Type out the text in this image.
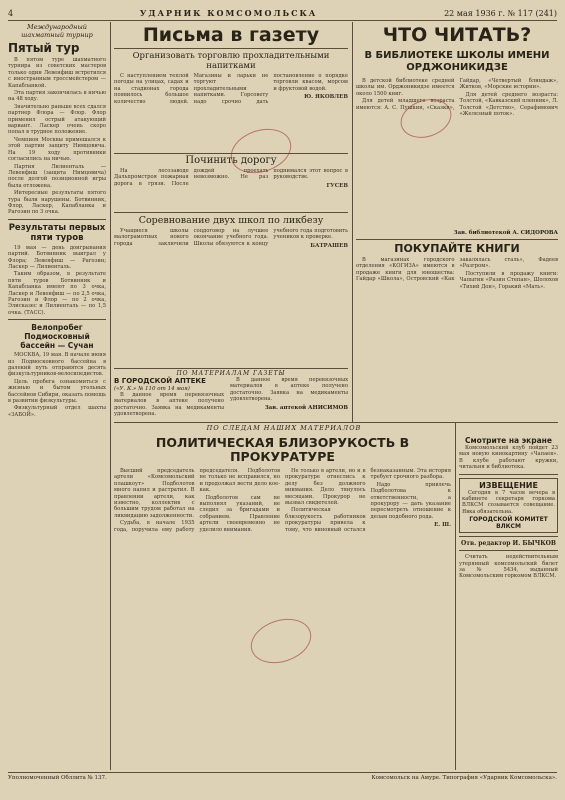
4	УДАРНИК КОМСОМОЛЬСКА	22 мая 1936 г. № 117 (241)
Международный шахматный турнир
Пятый тур

В пятом туре шахматного турнира из советских мастеров только один Левенфиш встретился с иностранным гроссмейстером — Капабланкой.

Эта партия закончилась в ничью на 48 ходу.

Значительно раньше всех сдался партнер Флора — Флор. Флор применил острый атакующий вариант. Ласкер очень скоро попал в трудное положение.

Чемпион Москвы примешался к этой партии защиту Нимцовича. На 19 ходу противники согласились на ничью.

Партия Лилиенталь — Левенфиш (защита Нимцовича) после долгой позиционной игры была отложена.

Интересные результаты пятого тура были нарушены. Ботвинник, Флор, Ласкер, Капабланка и Рагозин по 3 очка.

Результаты первых пяти туров

19 мая — день доигрывания партий. Ботвинник выиграл у Флора; Левенфиш — Рагозин; Ласкер — Лилиенталь.

Таким образом, в результате пяти туров Ботвинник и Капабланка имеют по 3 очка, Ласкер и Левенфиш — по 2,5 очка, Рагозин и Флор — по 2 очка, Элисказес и Лилиенталь — по 1,5 очка. (ТАСС).

Велопробег Подмосковный бассейн — Сучан

МОСКВА, 19 мая. В начале июня из Подмосковного бассейна в далекий путь отправятся десять физкультурников-велосипедистов.

Цель пробега ознакомиться с жизнью и бытом угольных бассейнов Сибири, оказать помощь в развитии физкультуры.

Физкультурный отдел шахты «ЗАБОЙ».

Письма в газету
Организовать торговлю прохладительными напитками

С наступлением теплой погоды на улицах, садах и на стадионах города появилось большое количество людей. Магазины и ларьки не торгуют прохладительными напитками. Горсовету надо срочно дать постановление о порядке торговли квасом, морсом и фруктовой водой.

Ю. ЯКОВЛЕВ
Починить дорогу

На лесозаводе Дальпромстроя пожарная дорога в грязи. После дождей проехать невозможно. Не раз поднимался этот вопрос в руководстве.

ГУСЕВ
Соревнование двух школ по ликбезу

Учащиеся школы малограмотных нового города заключили соцдоговор на лучшее окончание учебного года. Школы обязуются к концу учебного года подготовить учеников к проверке.

БАТРАШЕВ
ПО МАТЕРИАЛАМ ГАЗЕТЫ
В ГОРОДСКОЙ АПТЕКЕ
(«У. К.» № 110 от 14 мая)

В данное время перевязочных материалов в аптеке получено достаточно. Заявка на медикаменты удовлетворена.

В данное время перевязочных материалов в аптеке получено достаточно. Заявка на медикаменты удовлетворена.

Зав. аптекой АНИСИМОВ
ЧТО ЧИТАТЬ?
В БИБЛИОТЕКЕ ШКОЛЫ ИМЕНИ ОРДЖОНИКИДЗЕ

В детской библиотеке средней школы им. Орджоникидзе имеется около 1500 книг.

Для детей младшего возраста имеются: А. С. Пушкин, «Сказки», Гайдар, «Четвертый блиндаж», Житков, «Морские истории».

Для детей среднего возраста: Толстой, «Кавказский пленник», Л. Толстой «Детство», Серафимович «Железный поток».

Зав. библиотекой А. СИДОРОВА
ПОКУПАЙТЕ КНИГИ

В магазинах городского отделения «КОГИЗА» имеются в продаже книги для юношества: Гайдар «Школа», Островский «Как закалялась сталь», Фадеев «Разгром».

Поступили в продажу книги: Чапыгин «Разин Степан», Шолохов «Тихий Дон», Горький «Мать».

ПО СЛЕДАМ НАШИХ МАТЕРИАЛОВ
ПОЛИТИЧЕСКАЯ БЛИЗОРУКОСТЬ В ПРОКУРАТУРЕ

Высший председатель артели «Комсомольский плашкоут» Подболотов много напил и растратил. В правлении артели, как известно, коллектив с большим трудом работал на ликвидацию задолженности.

Судьба, в начале 1935 года, поручила ему работу председателя. Подболотов не только не исправился, но и продолжал вести дело кое-как.

Подболотов сам не выполнял указаний, не следил за бригадами и собранием. Правление артели своевременно не уделило внимания.

Не только в артели, но и в прокуратуре отнеслись к делу без должного внимания. Дело тянулось месяцами. Прокурор не вызвал свидетелей.

Политическая близорукость работников прокуратуры привела к тому, что виновный остался безнаказанным. Эта история требует срочного разбора.

Надо привлечь Подболотова к ответственности, а прокурору — дать указание пересмотреть отношение к делам подобного рода.

Е. Ш.
Смотрите на экране

Комсомольский клуб пойдет 23 мая новую кинокартину «Чапаев». В клубе работают кружки, читальня и библиотека.

ИЗВЕЩЕНИЕ

Сегодня в 7 часов вечера в кабинете секретаря горкома ВЛКСМ созывается совещание. Явка обязательна.

ГОРОДСКОЙ КОМИТЕТ ВЛКСМ
Отв. редактор И. БЫЧКОВ

Считать недействительным утерянный комсомольский билет за № 5434, выданный Комсомольским горкомом ВЛКСМ.

Уполномоченный Обллита № 137.	Комсомольск на Амуре. Типография «Ударник Комсомольска».
